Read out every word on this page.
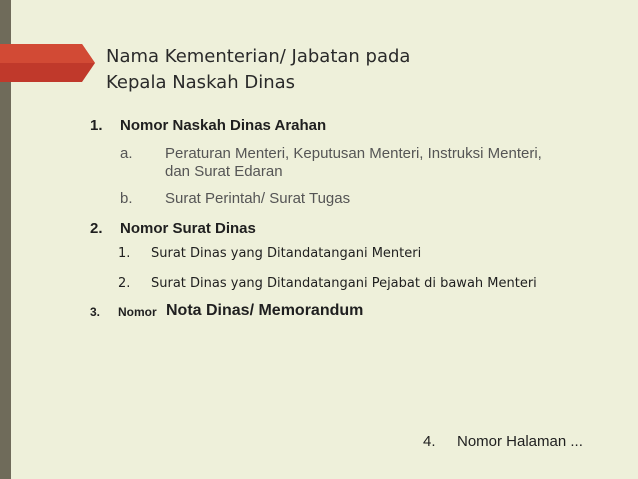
Nama Kementerian/ Jabatan pada
Kepala Naskah Dinas
1. Nomor Naskah Dinas Arahan
a. Peraturan Menteri, Keputusan Menteri, Instruksi Menteri,
dan Surat Edaran
b. Surat Perintah/ Surat Tugas
2. Nomor Surat Dinas
1. Surat Dinas yang Ditandatangani Menteri
2. Surat Dinas yang Ditandatangani Pejabat di bawah Menteri
3. Nomor Nota Dinas/ Memorandum
4. Nomor Halaman ...
